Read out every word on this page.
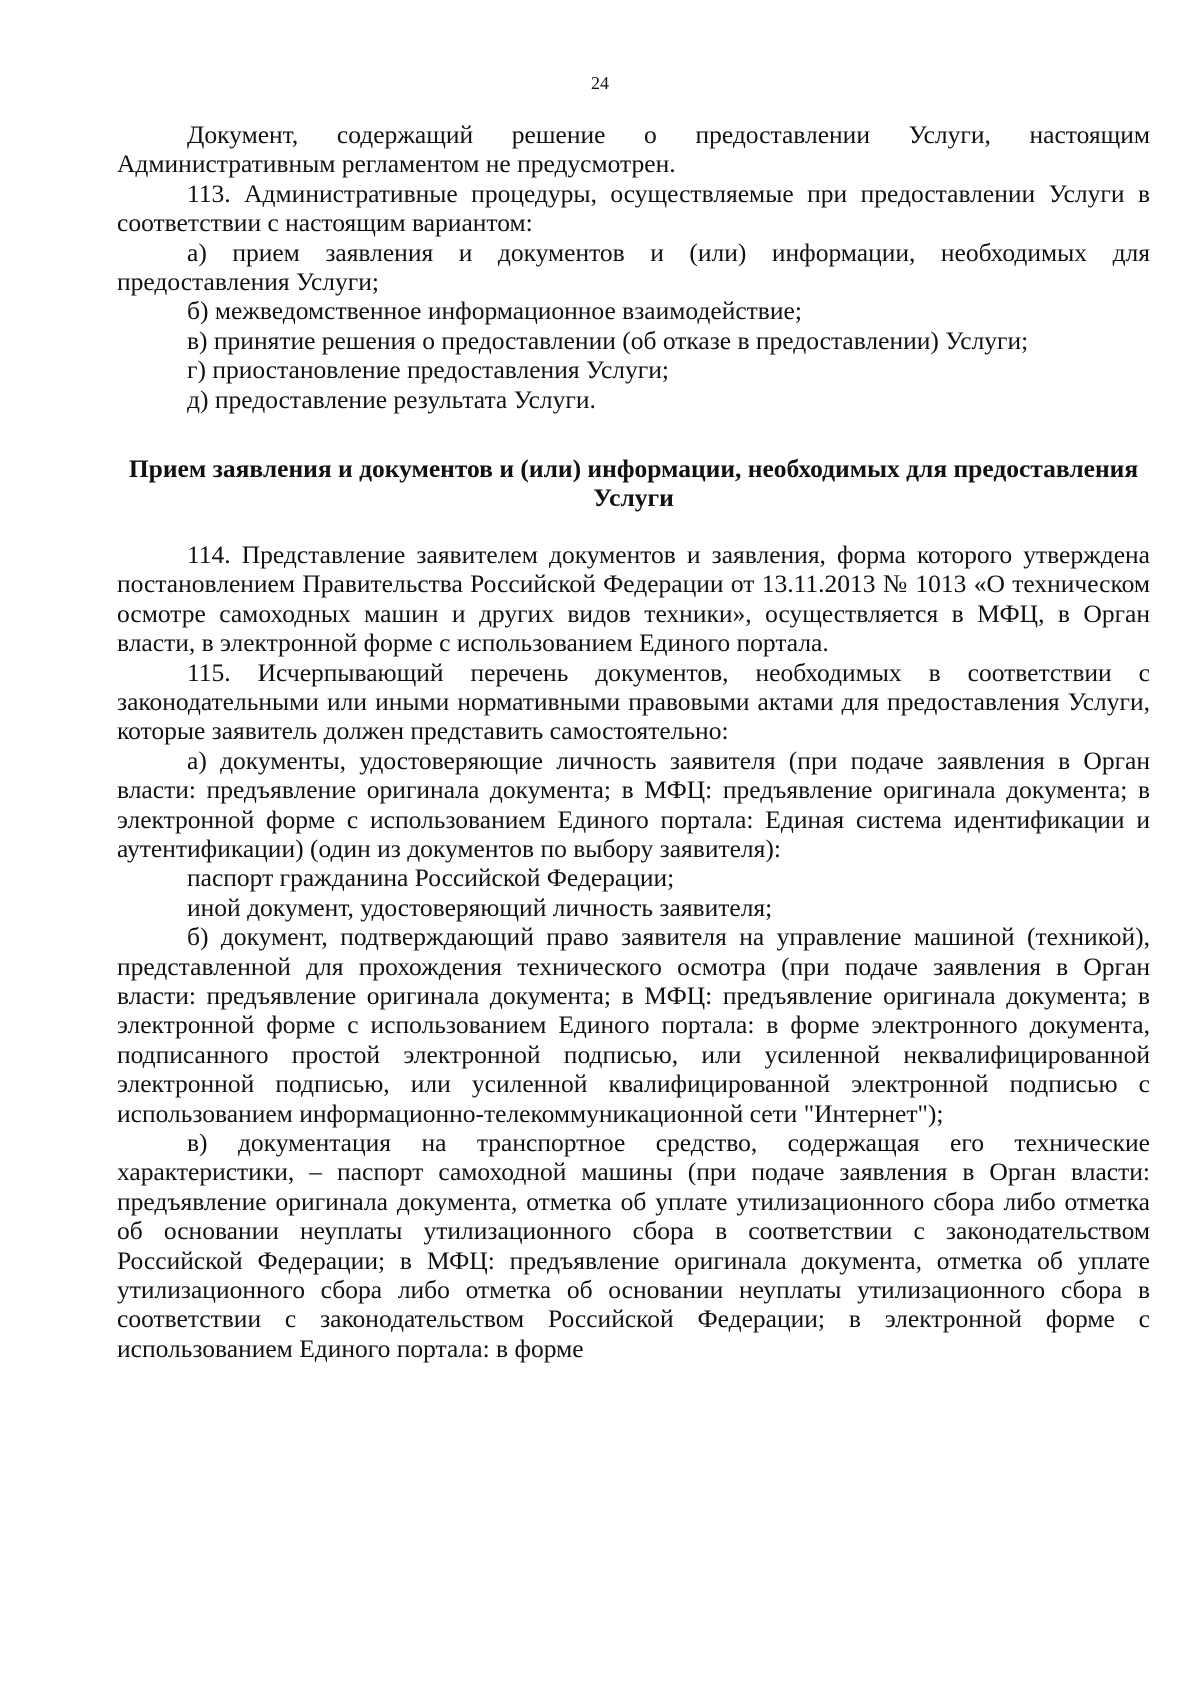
24

Документ, содержащий решение о предоставлении Услуги, настоящим Административным регламентом не предусмотрен.

113. Административные процедуры, осуществляемые при предоставлении Услуги в соответствии с настоящим вариантом:

а) прием заявления и документов и (или) информации, необходимых для предоставления Услуги;

б) межведомственное информационное взаимодействие;

в) принятие решения о предоставлении (об отказе в предоставлении) Услуги;

г) приостановление предоставления Услуги;

д) предоставление результата Услуги.

Прием заявления и документов и (или) информации, необходимых для предоставления Услуги

114. Представление заявителем документов и заявления, форма которого утверждена постановлением Правительства Российской Федерации от 13.11.2013 № 1013 «О техническом осмотре самоходных машин и других видов техники», осуществляется в МФЦ, в Орган власти, в электронной форме с использованием Единого портала.

115. Исчерпывающий перечень документов, необходимых в соответствии с законодательными или иными нормативными правовыми актами для предоставления Услуги, которые заявитель должен представить самостоятельно:

а) документы, удостоверяющие личность заявителя (при подаче заявления в Орган власти: предъявление оригинала документа; в МФЦ: предъявление оригинала документа; в электронной форме с использованием Единого портала: Единая система идентификации и аутентификации) (один из документов по выбору заявителя):

паспорт гражданина Российской Федерации;

иной документ, удостоверяющий личность заявителя;

б) документ, подтверждающий право заявителя на управление машиной (техникой), представленной для прохождения технического осмотра (при подаче заявления в Орган власти: предъявление оригинала документа; в МФЦ: предъявление оригинала документа; в электронной форме с использованием Единого портала: в форме электронного документа, подписанного простой электронной подписью, или усиленной неквалифицированной электронной подписью, или усиленной квалифицированной электронной подписью с использованием информационно-телекоммуникационной сети "Интернет");

в) документация на транспортное средство, содержащая его технические характеристики, – паспорт самоходной машины (при подаче заявления в Орган власти: предъявление оригинала документа, отметка об уплате утилизационного сбора либо отметка об основании неуплаты утилизационного сбора в соответствии с законодательством Российской Федерации; в МФЦ: предъявление оригинала документа, отметка об уплате утилизационного сбора либо отметка об основании неуплаты утилизационного сбора в соответствии с законодательством Российской Федерации; в электронной форме с использованием Единого портала: в форме
